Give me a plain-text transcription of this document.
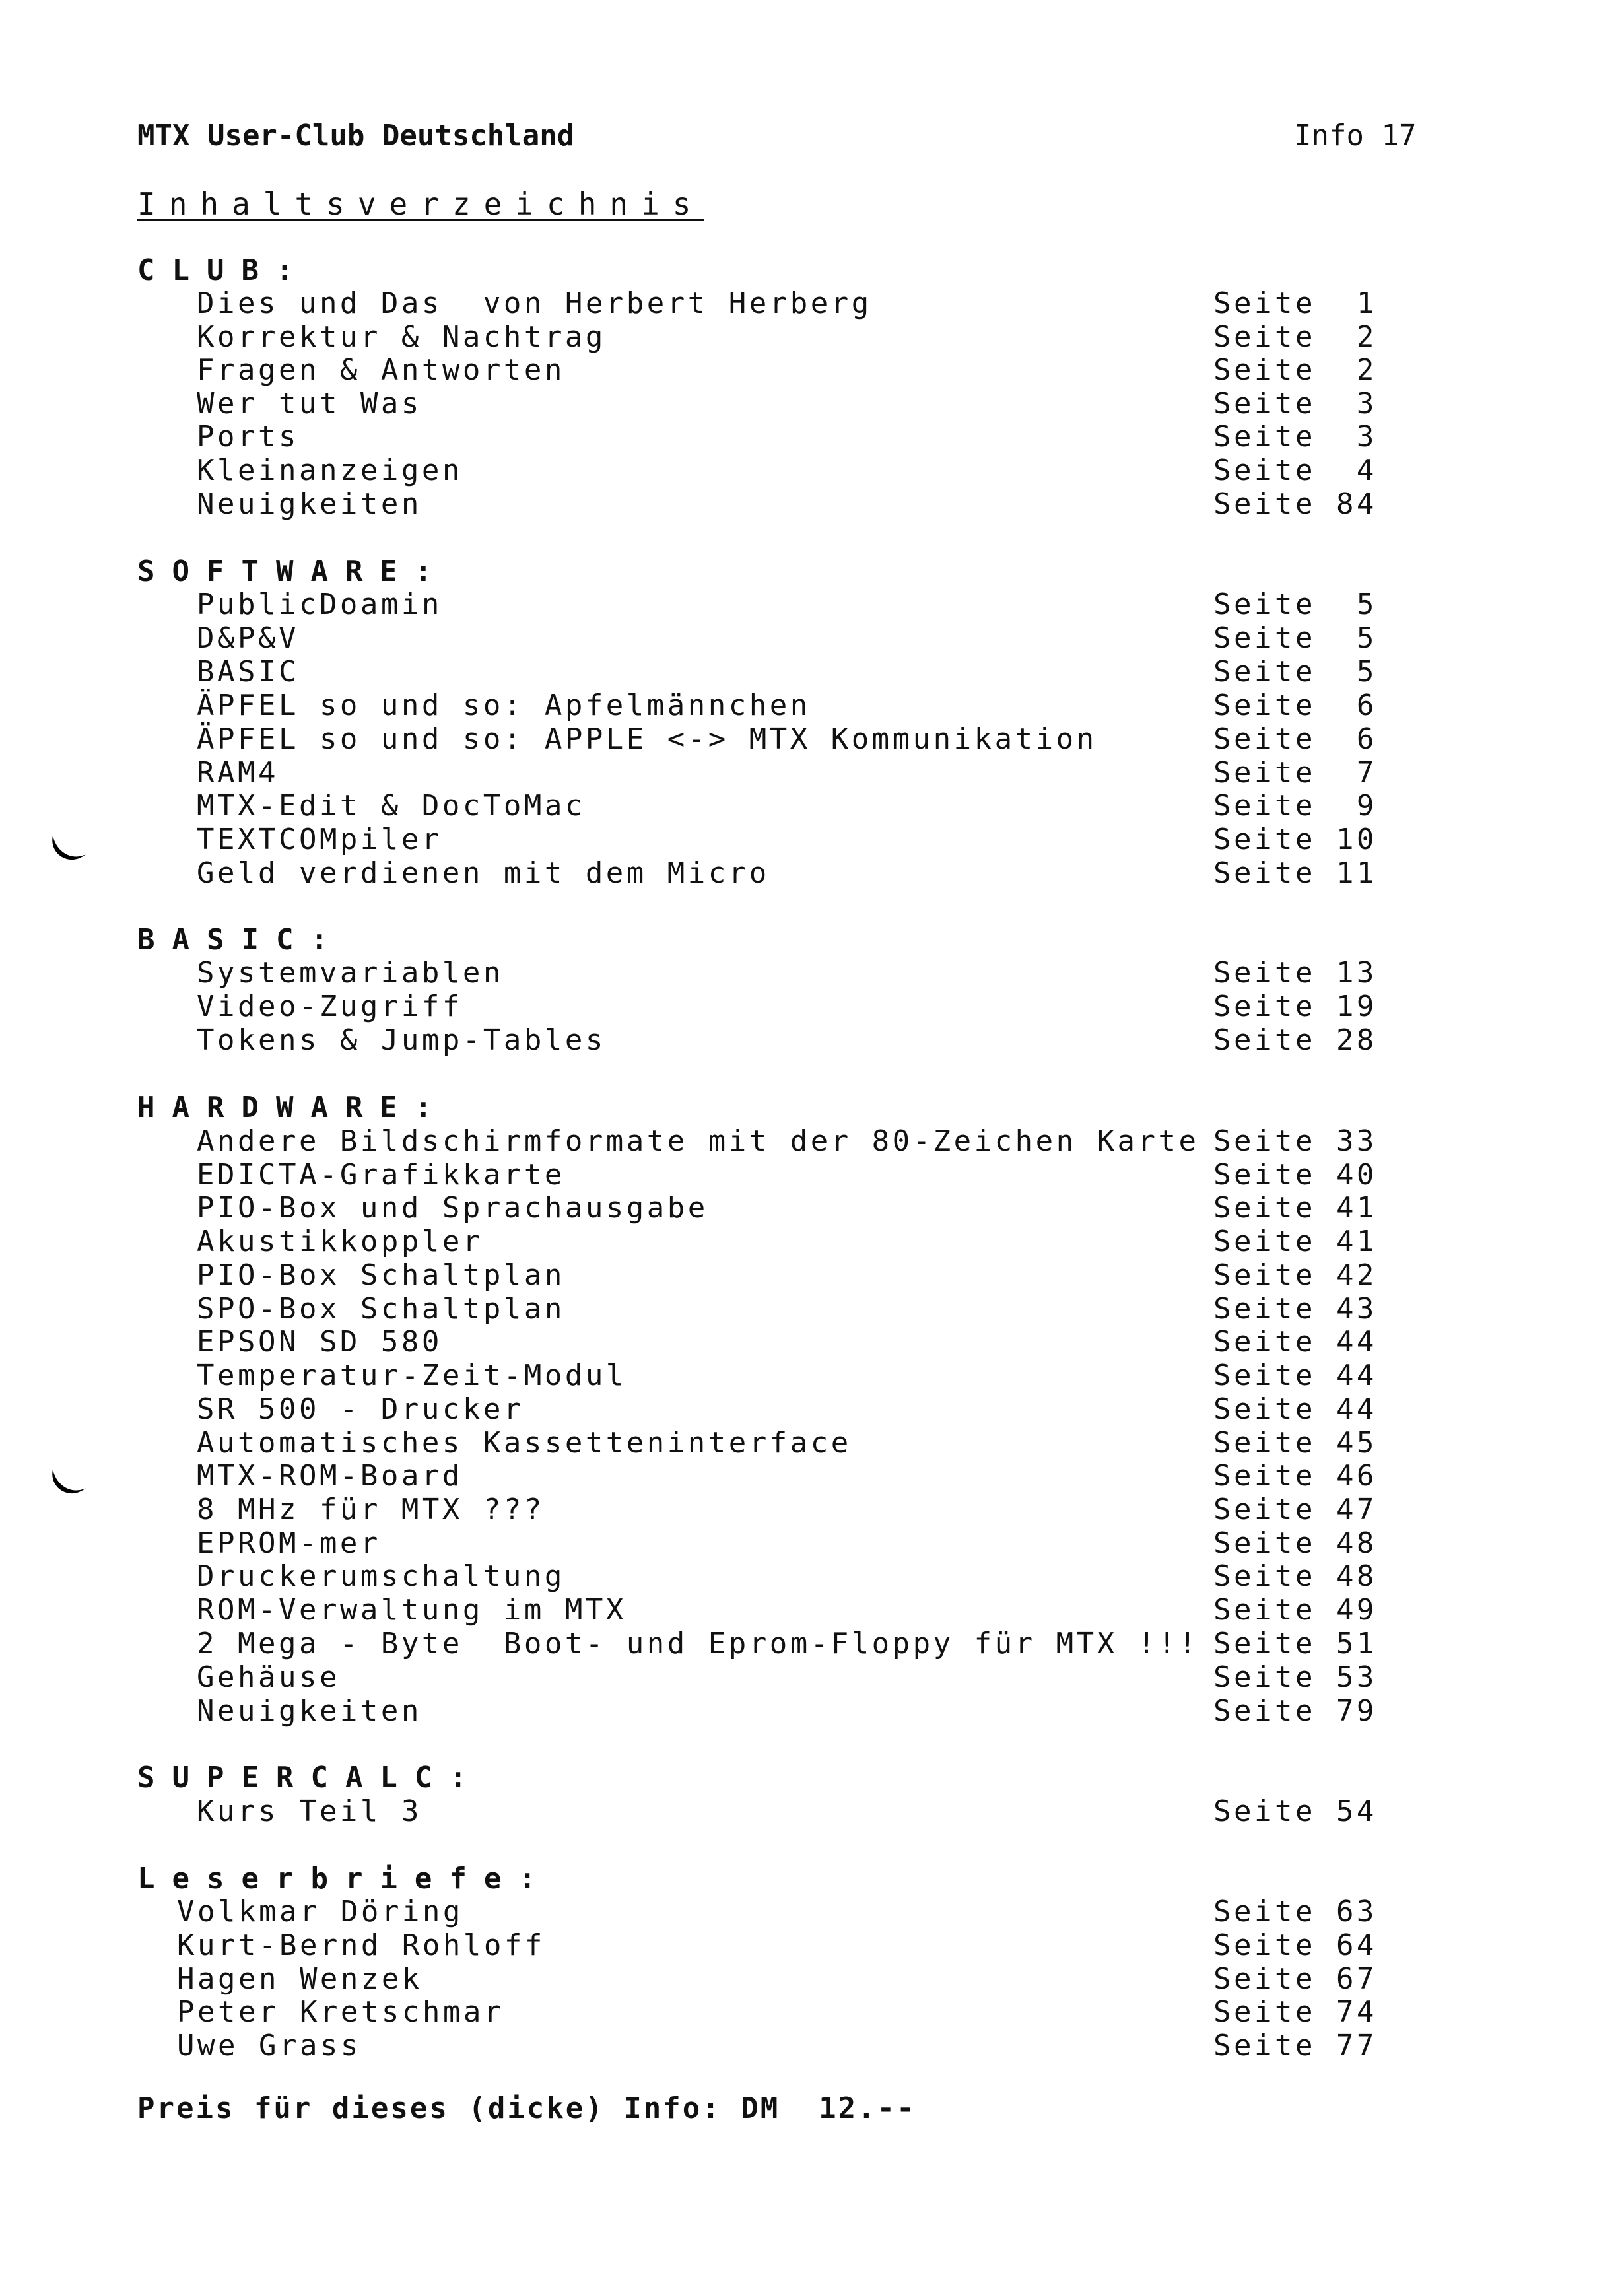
MTX User-Club Deutschland	Info 17
Inhaltsverzeichnis
CLUB:
Dies und Das  von Herbert Herberg	Seite  1
Korrektur & Nachtrag	Seite  2
Fragen & Antworten	Seite  2
Wer tut Was	Seite  3
Ports	Seite  3
Kleinanzeigen	Seite  4
Neuigkeiten	Seite 84
SOFTWARE:
PublicDoamin	Seite  5
D&P&V	Seite  5
BASIC	Seite  5
ÄPFEL so und so: Apfelmännchen	Seite  6
ÄPFEL so und so: APPLE <-> MTX Kommunikation	Seite  6
RAM4	Seite  7
MTX-Edit & DocToMac	Seite  9
TEXTCOMpiler	Seite 10
Geld verdienen mit dem Micro	Seite 11
BASIC:
Systemvariablen	Seite 13
Video-Zugriff	Seite 19
Tokens & Jump-Tables	Seite 28
HARDWARE:
Andere Bildschirmformate mit der 80-Zeichen Karte Seite 33
EDICTA-Grafikkarte	Seite 40
PIO-Box und Sprachausgabe	Seite 41
Akustikkoppler	Seite 41
PIO-Box Schaltplan	Seite 42
SPO-Box Schaltplan	Seite 43
EPSON SD 580	Seite 44
Temperatur-Zeit-Modul	Seite 44
SR 500 - Drucker	Seite 44
Automatisches Kassetteninterface	Seite 45
MTX-ROM-Board	Seite 46
8 MHz für MTX ???	Seite 47
EPROM-mer	Seite 48
Druckerumschaltung	Seite 48
ROM-Verwaltung im MTX	Seite 49
2 Mega - Byte  Boot- und Eprom-Floppy für MTX !!! Seite 51
Gehäuse	Seite 53
Neuigkeiten	Seite 79
SUPERCALC:
Kurs Teil 3	Seite 54
Leserbriefe:
Volkmar Döring	Seite 63
Kurt-Bernd Rohloff	Seite 64
Hagen Wenzek	Seite 67
Peter Kretschmar	Seite 74
Uwe Grass	Seite 77
Preis für dieses (dicke) Info: DM  12.--
